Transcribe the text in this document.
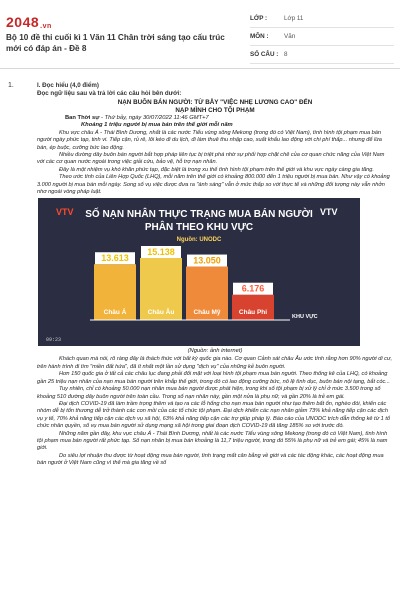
2048.vn
Bộ 10 đề thi cuối kì 1 Văn 11 Chân trời sáng tạo cấu trúc mới có đáp án - Đề 8
LỚP :	Lớp 11
MÔN :	Văn
SỐ CÂU : 8
1.	I. Đọc hiểu (4,0 điểm)
Đọc ngữ liệu sau và trả lời các câu hỏi bên dưới:
NẠN BUÔN BÁN NGƯỜI: TỪ BẪY "VIỆC NHẸ LƯƠNG CAO" ĐẾN
NẠP MÌNH CHO TỘI PHẠM
Ban Thời sự - Thứ bảy, ngày 30/07/2022 11:46 GMT+7
Khoảng 1 triệu người bị mua bán trên thế giới mỗi năm

Khu vực châu Á - Thái Bình Dương, nhất là các nước Tiểu vùng sông Mekong (trong đó có Việt Nam), tình hình tội phạm mua bán người ngày phức tạp, tinh vi. Tiếp cận, rủ rê, lôi kéo đi du lịch, đi làm thuê thu nhập cao, xuất khẩu lao động với chi phí thấp... nhưng để lừa bán, ép buộc, cưỡng bức lao động.

Nhiều đường dây buôn bán người bắt hợp pháp liên tục bị triệt phá nhờ sự phối hợp chặt chẽ của cơ quan chức năng của Việt Nam với các cơ quan nước ngoài trong việc giải cứu, bảo vệ, hỗ trợ nạn nhân.

Đây là một nhiệm vụ khó khăn phức tạp, đặc biệt là trong xu thế tình hình tội phạm trên thế giới và khu vực ngày càng gia tăng.

Theo ước tính của Liên Hợp Quốc (LHQ), mỗi năm trên thế giới có khoảng 800.000 đến 1 triệu người bị mua bán. Như vậy có khoảng 3.000 người bị mua bán mỗi ngày. Song số vụ việc được đưa ra "ánh sáng" vẫn ở mức thấp so với thực tế và những đối tượng này vẫn nhởn nhơ ngoài vòng pháp luật.

VTV	VTV
SỐ NẠN NHÂN THỰC TRẠNG MUA BÁN NGƯỜI
PHÂN THEO KHU VỰC
Nguồn: UNODC
13.613
Châu Á
15.138
Châu Âu
13.050
Châu Mỹ
6.176
Châu Phi
KHU VỰC
09:23
(Nguồn: ảnh internet)

Khách quan mà nói, rõ ràng đây là thách thức với bất kỳ quốc gia nào. Cơ quan Cảnh sát châu Âu ước tính rằng hơn 90% người di cư, trên hành trình đi tìm "miền đất hứa", đã ít nhất một lần sử dụng "dịch vụ" của những kẻ buôn người.

Hơn 150 quốc gia ở tất cả các châu lục đang phải đối mặt với loại hình tội phạm mua bán người. Theo thống kê của LHQ, có khoảng gần 25 triệu nạn nhân của nạn mua bán người trên khắp thế giới, trong đó có lao động cưỡng bức, nô lệ tình dục, buôn bán nội tạng, bắt cóc...

Tuy nhiên, chỉ có khoảng 50.000 nạn nhân mua bán người được phát hiện, trong khi số tội phạm bị xử lý chỉ ở mức 3.500 trong số khoảng 510 đường dây buôn người trên toàn cầu. Trong số nạn nhân này, gần một nửa là phụ nữ, và gần 20% là trẻ em gái.

Đại dịch COVID-19 đã làm trầm trọng thêm và tạo ra các lỗ hổng cho nạn mua bán người như tạo thêm bất ổn, nghèo đói, khiến các nhóm dễ bị tổn thương dễ trở thành các con mồi của các tổ chức tội phạm. Đại dịch khiến các nạn nhân giảm 73% khả năng tiếp cận các dịch vụ y tế, 70% khả năng tiếp cận các dịch vụ xã hội, 63% khả năng tiếp cận các trợ giúp pháp lý. Báo cáo của UNODC trích dẫn thống kê từ 1 tổ chức nhân quyền, số vụ mua bán người sử dụng mạng xã hội trong giai đoạn dịch COVID-19 đã tăng 185% so với trước đó.

Những năm gần đây, khu vực châu Á - Thái Bình Dương, nhất là các nước Tiểu vùng sông Mekong (trong đó có Việt Nam), tình hình tội phạm mua bán người rất phức tạp. Số nạn nhân bị mua bán khoảng là 11,7 triệu người, trong đó 55% là phụ nữ và trẻ em gái; 45% là nam giới.

Do siêu lợi nhuận thu được từ hoạt động mua bán người, tình trạng mất cân bằng về giới và các tác động khác, các hoạt động mua bán người ở Việt Nam cũng vì thế mà gia tăng về số
